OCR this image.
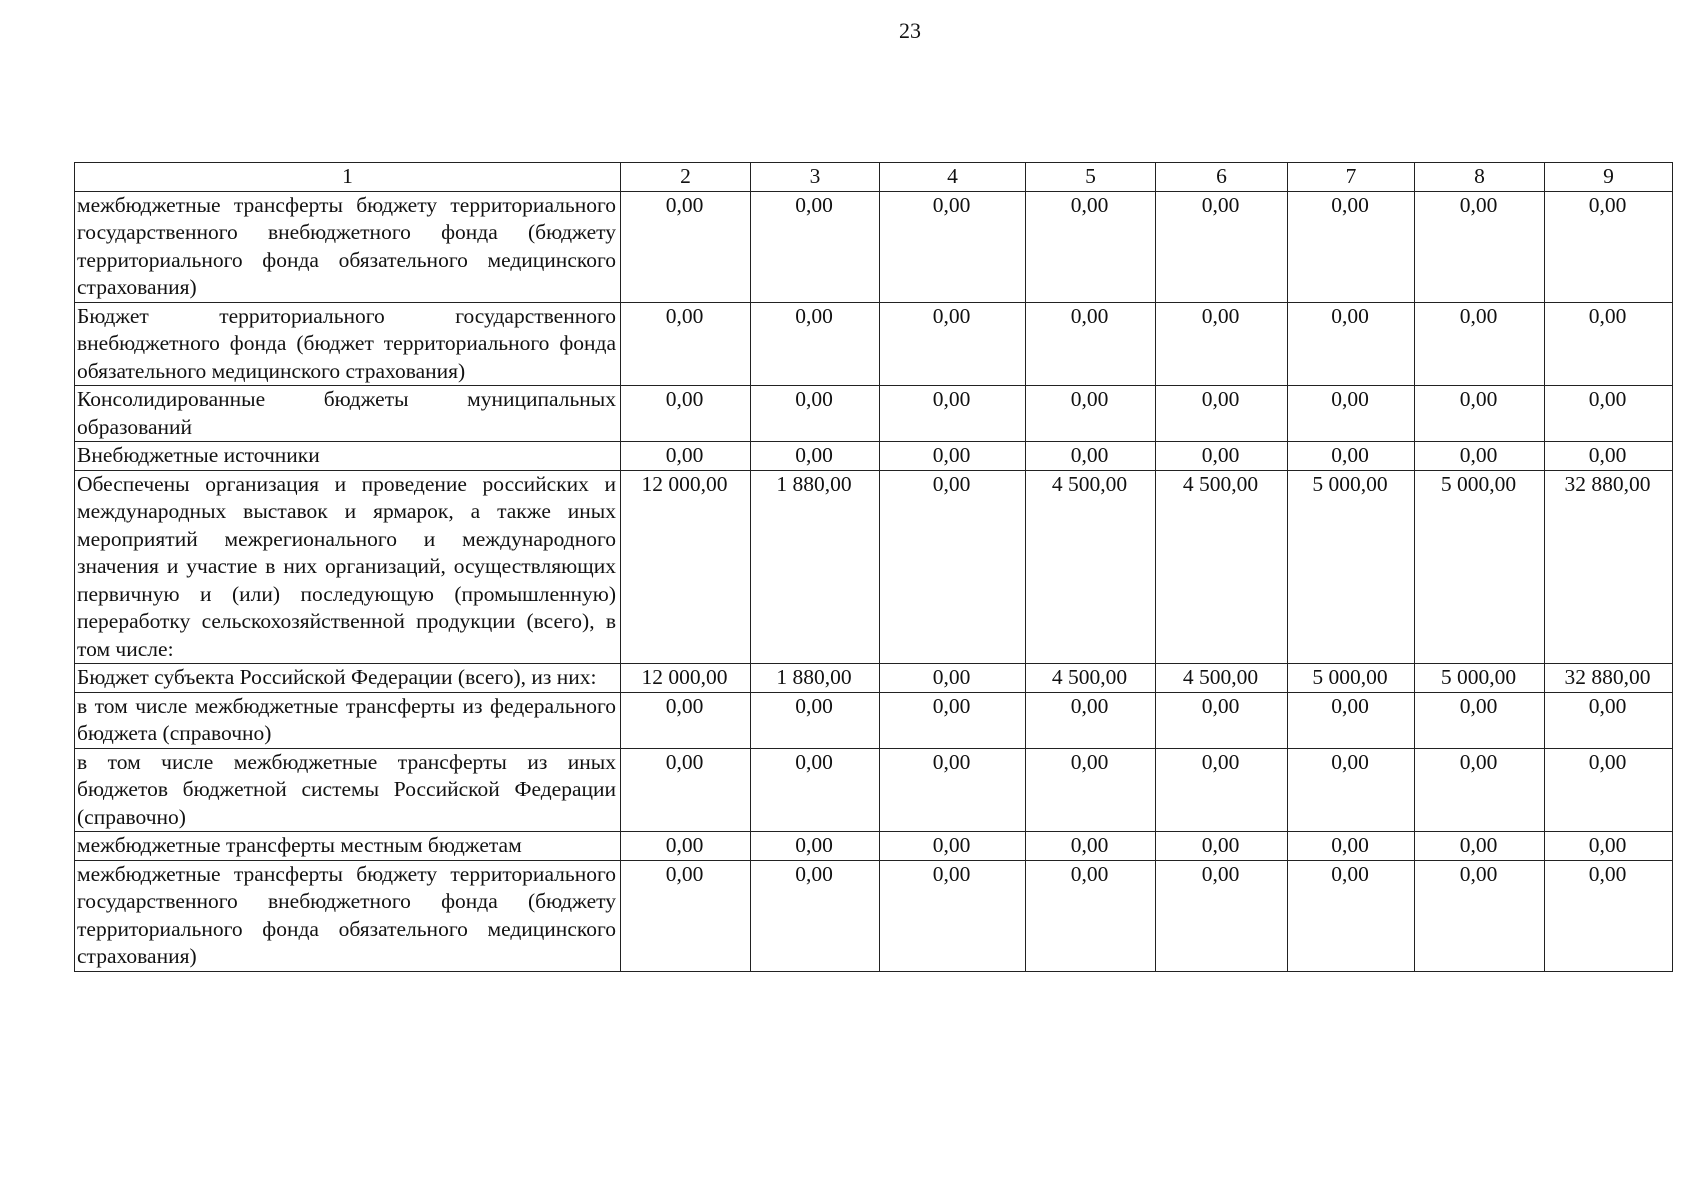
23
1	2	3	4	5	6	7	8	9
межбюджетные трансферты бюджету территориального государственного внебюджетного фонда (бюджету территориального фонда обязательного медицинского страхования)	0,00	0,00	0,00	0,00	0,00	0,00	0,00	0,00
Бюджет территориального государственного внебюджетного фонда (бюджет территориального фонда обязательного медицинского страхования)	0,00	0,00	0,00	0,00	0,00	0,00	0,00	0,00
Консолидированные бюджеты муниципальных образований	0,00	0,00	0,00	0,00	0,00	0,00	0,00	0,00
Внебюджетные источники	0,00	0,00	0,00	0,00	0,00	0,00	0,00	0,00
Обеспечены организация и проведение российских и международных выставок и ярмарок, а также иных мероприятий межрегионального и международного значения и участие в них организаций, осуществляющих первичную и (или) последующую (промышленную) переработку сельскохозяйственной продукции (всего), в том числе:	12 000,00	1 880,00	0,00	4 500,00	4 500,00	5 000,00	5 000,00	32 880,00
Бюджет субъекта Российской Федерации (всего), из них:	12 000,00	1 880,00	0,00	4 500,00	4 500,00	5 000,00	5 000,00	32 880,00
в том числе межбюджетные трансферты из федерального бюджета (справочно)	0,00	0,00	0,00	0,00	0,00	0,00	0,00	0,00
в том числе межбюджетные трансферты из иных бюджетов бюджетной системы Российской Федерации (справочно)	0,00	0,00	0,00	0,00	0,00	0,00	0,00	0,00
межбюджетные трансферты местным бюджетам	0,00	0,00	0,00	0,00	0,00	0,00	0,00	0,00
межбюджетные трансферты бюджету территориального государственного внебюджетного фонда (бюджету территориального фонда обязательного медицинского страхования)	0,00	0,00	0,00	0,00	0,00	0,00	0,00	0,00
